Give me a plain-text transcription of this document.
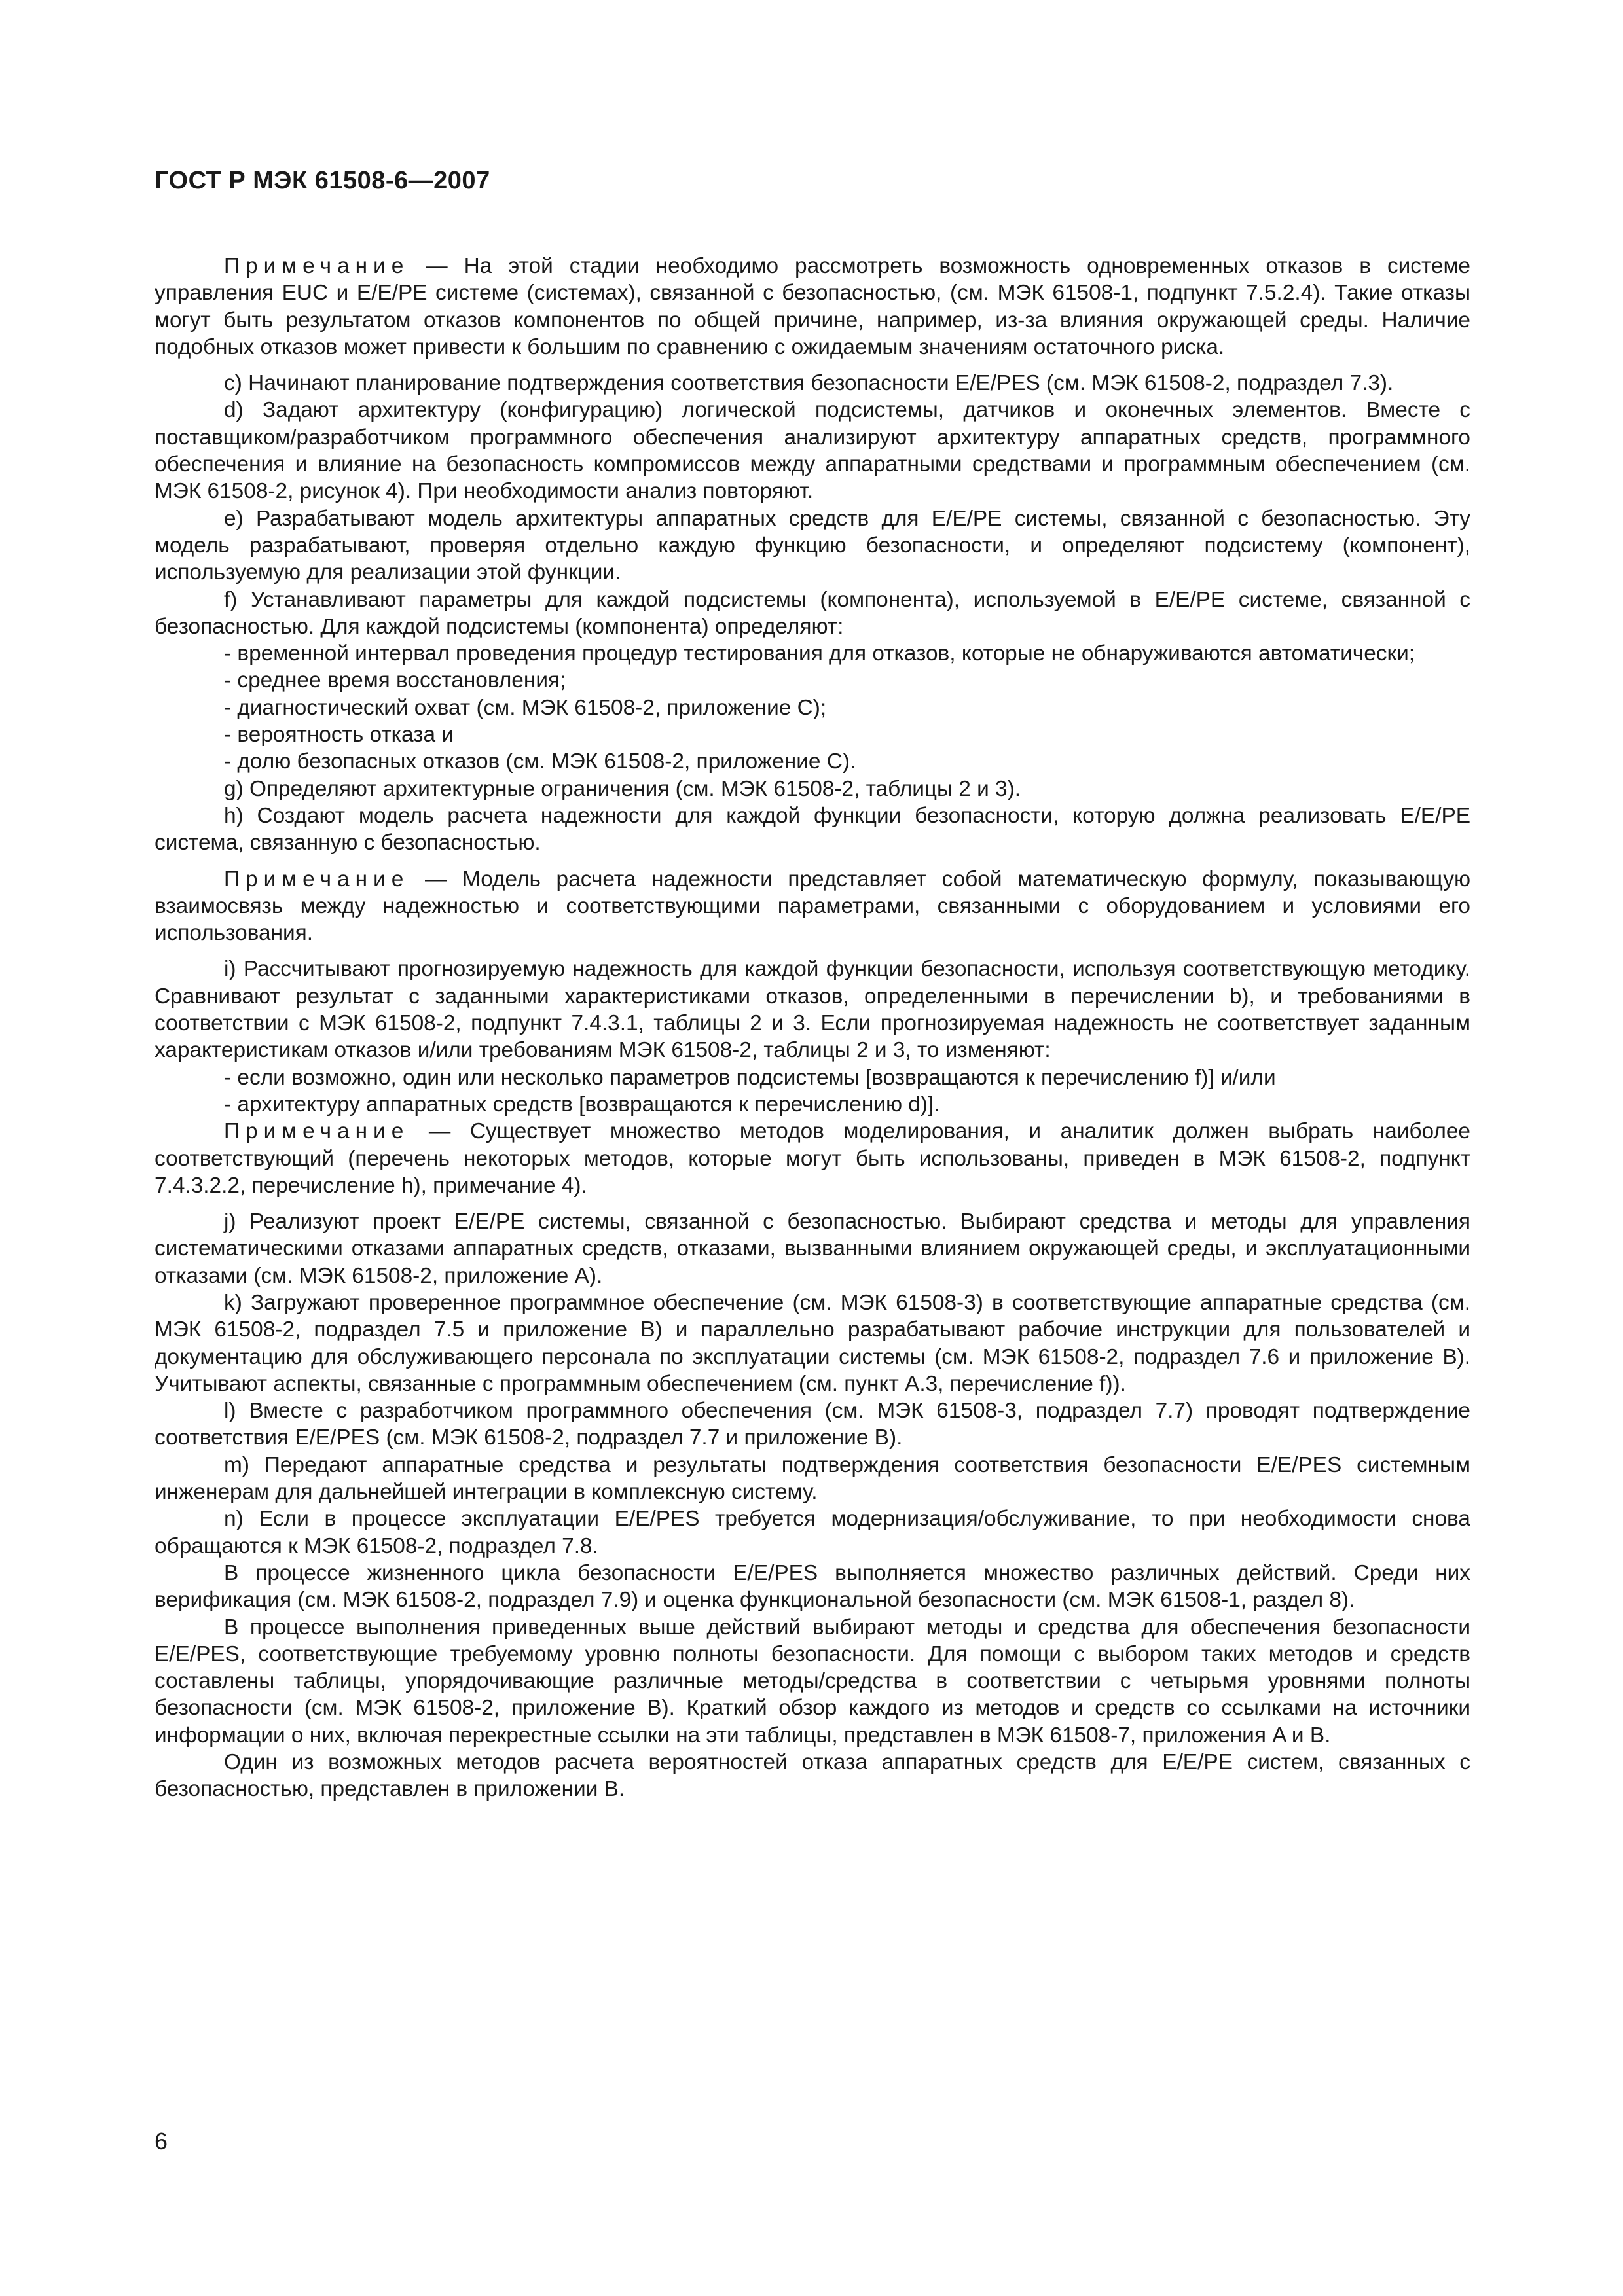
ГОСТ Р МЭК 61508-6—2007

Примечание — На этой стадии необходимо рассмотреть возможность одновременных отказов в системе управления EUC и E/E/PE системе (системах), связанной с безопасностью, (см. МЭК 61508-1, подпункт 7.5.2.4). Такие отказы могут быть результатом отказов компонентов по общей причине, например, из-за влияния окружающей среды. Наличие подобных отказов может привести к большим по сравнению с ожидаемым значениям остаточного риска.

c) Начинают планирование подтверждения соответствия безопасности E/E/PES (см. МЭК 61508-2, подраздел 7.3).

d) Задают архитектуру (конфигурацию) логической подсистемы, датчиков и оконечных элементов. Вместе с поставщиком/разработчиком программного обеспечения анализируют архитектуру аппаратных средств, программного обеспечения и влияние на безопасность компромиссов между аппаратными средствами и программным обеспечением (см. МЭК 61508-2, рисунок 4). При необходимости анализ повторяют.

e) Разрабатывают модель архитектуры аппаратных средств для E/E/PE системы, связанной с безопасностью. Эту модель разрабатывают, проверяя отдельно каждую функцию безопасности, и определяют подсистему (компонент), используемую для реализации этой функции.

f) Устанавливают параметры для каждой подсистемы (компонента), используемой в E/E/PE системе, связанной с безопасностью. Для каждой подсистемы (компонента) определяют:

- временной интервал проведения процедур тестирования для отказов, которые не обнаруживаются автоматически;

- среднее время восстановления;

- диагностический охват (см. МЭК 61508-2, приложение C);

- вероятность отказа и

- долю безопасных отказов (см. МЭК 61508-2, приложение C).

g) Определяют архитектурные ограничения (см. МЭК 61508-2, таблицы 2 и 3).

h) Создают модель расчета надежности для каждой функции безопасности, которую должна реализовать E/E/PE система, связанную с безопасностью.

Примечание — Модель расчета надежности представляет собой математическую формулу, показывающую взаимосвязь между надежностью и соответствующими параметрами, связанными с оборудованием и условиями его использования.

i) Рассчитывают прогнозируемую надежность для каждой функции безопасности, используя соответствующую методику. Сравнивают результат с заданными характеристиками отказов, определенными в перечислении b), и требованиями в соответствии с МЭК 61508-2, подпункт 7.4.3.1, таблицы 2 и 3. Если прогнозируемая надежность не соответствует заданным характеристикам отказов и/или требованиям МЭК 61508-2, таблицы 2 и 3, то изменяют:

- если возможно, один или несколько параметров подсистемы [возвращаются к перечислению f)] и/или

- архитектуру аппаратных средств [возвращаются к перечислению d)].

Примечание — Существует множество методов моделирования, и аналитик должен выбрать наиболее соответствующий (перечень некоторых методов, которые могут быть использованы, приведен в МЭК 61508-2, подпункт 7.4.3.2.2, перечисление h), примечание 4).

j) Реализуют проект E/E/PE системы, связанной с безопасностью. Выбирают средства и методы для управления систематическими отказами аппаратных средств, отказами, вызванными влиянием окружающей среды, и эксплуатационными отказами (см. МЭК 61508-2, приложение A).

k) Загружают проверенное программное обеспечение (см. МЭК 61508-3) в соответствующие аппаратные средства (см. МЭК 61508-2, подраздел 7.5 и приложение B) и параллельно разрабатывают рабочие инструкции для пользователей и документацию для обслуживающего персонала по эксплуатации системы (см. МЭК 61508-2, подраздел 7.6 и приложение B). Учитывают аспекты, связанные с программным обеспечением (см. пункт A.3, перечисление f)).

l) Вместе с разработчиком программного обеспечения (см. МЭК 61508-3, подраздел 7.7) проводят подтверждение соответствия E/E/PES (см. МЭК 61508-2, подраздел 7.7 и приложение B).

m) Передают аппаратные средства и результаты подтверждения соответствия безопасности E/E/PES системным инженерам для дальнейшей интеграции в комплексную систему.

n) Если в процессе эксплуатации E/E/PES требуется модернизация/обслуживание, то при необходимости снова обращаются к МЭК 61508-2, подраздел 7.8.

В процессе жизненного цикла безопасности E/E/PES выполняется множество различных действий. Среди них верификация (см. МЭК 61508-2, подраздел 7.9) и оценка функциональной безопасности (см. МЭК 61508-1, раздел 8).

В процессе выполнения приведенных выше действий выбирают методы и средства для обеспечения безопасности E/E/PES, соответствующие требуемому уровню полноты безопасности. Для помощи с выбором таких методов и средств составлены таблицы, упорядочивающие различные методы/средства в соответствии с четырьмя уровнями полноты безопасности (см. МЭК 61508-2, приложение B). Краткий обзор каждого из методов и средств со ссылками на источники информации о них, включая перекрестные ссылки на эти таблицы, представлен в МЭК 61508-7, приложения A и B.

Один из возможных методов расчета вероятностей отказа аппаратных средств для E/E/PE систем, связанных с безопасностью, представлен в приложении B.

6
